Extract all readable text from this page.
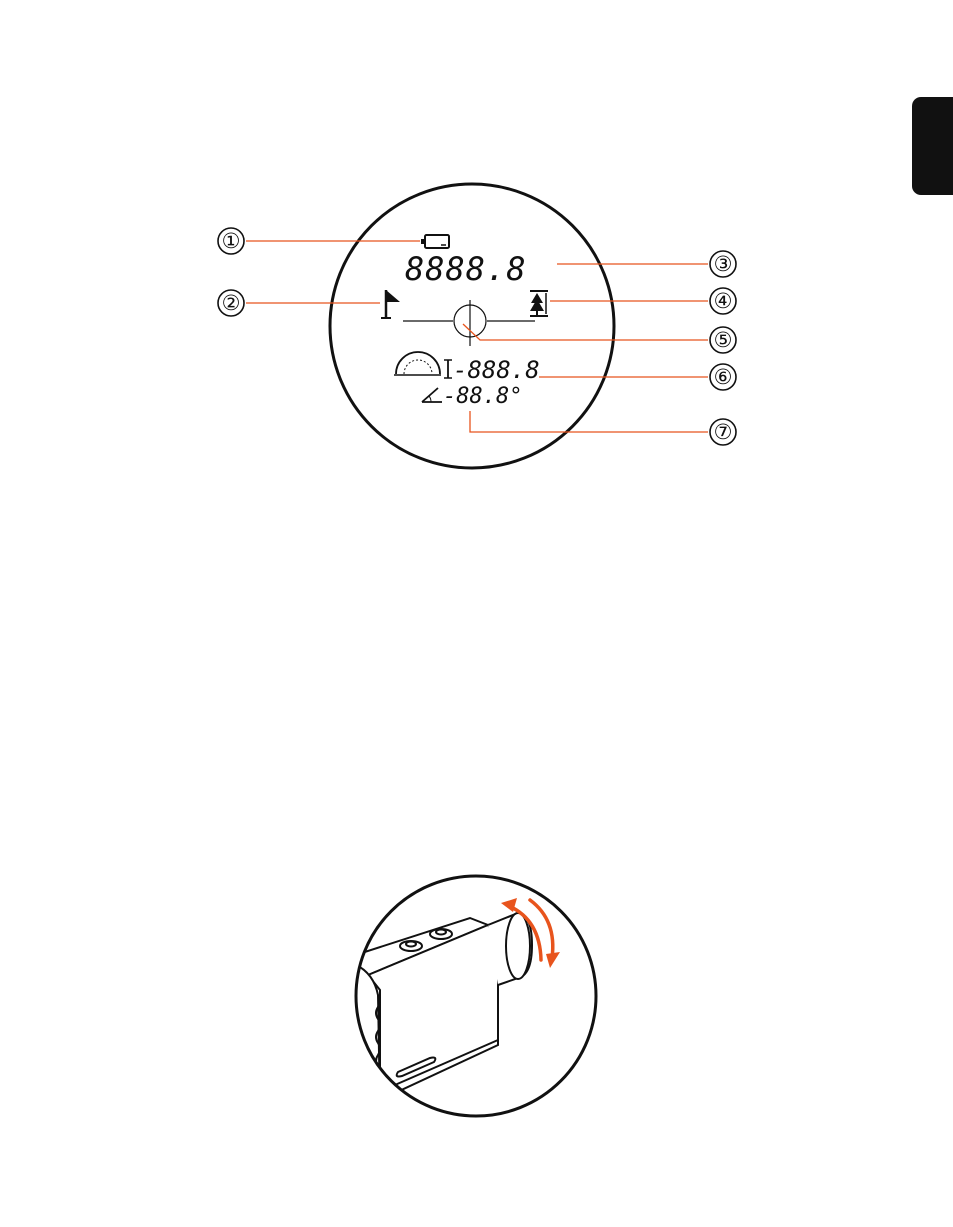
8888.8
-888.8
-88.8°
①
②
③
④
⑤
⑥
⑦
